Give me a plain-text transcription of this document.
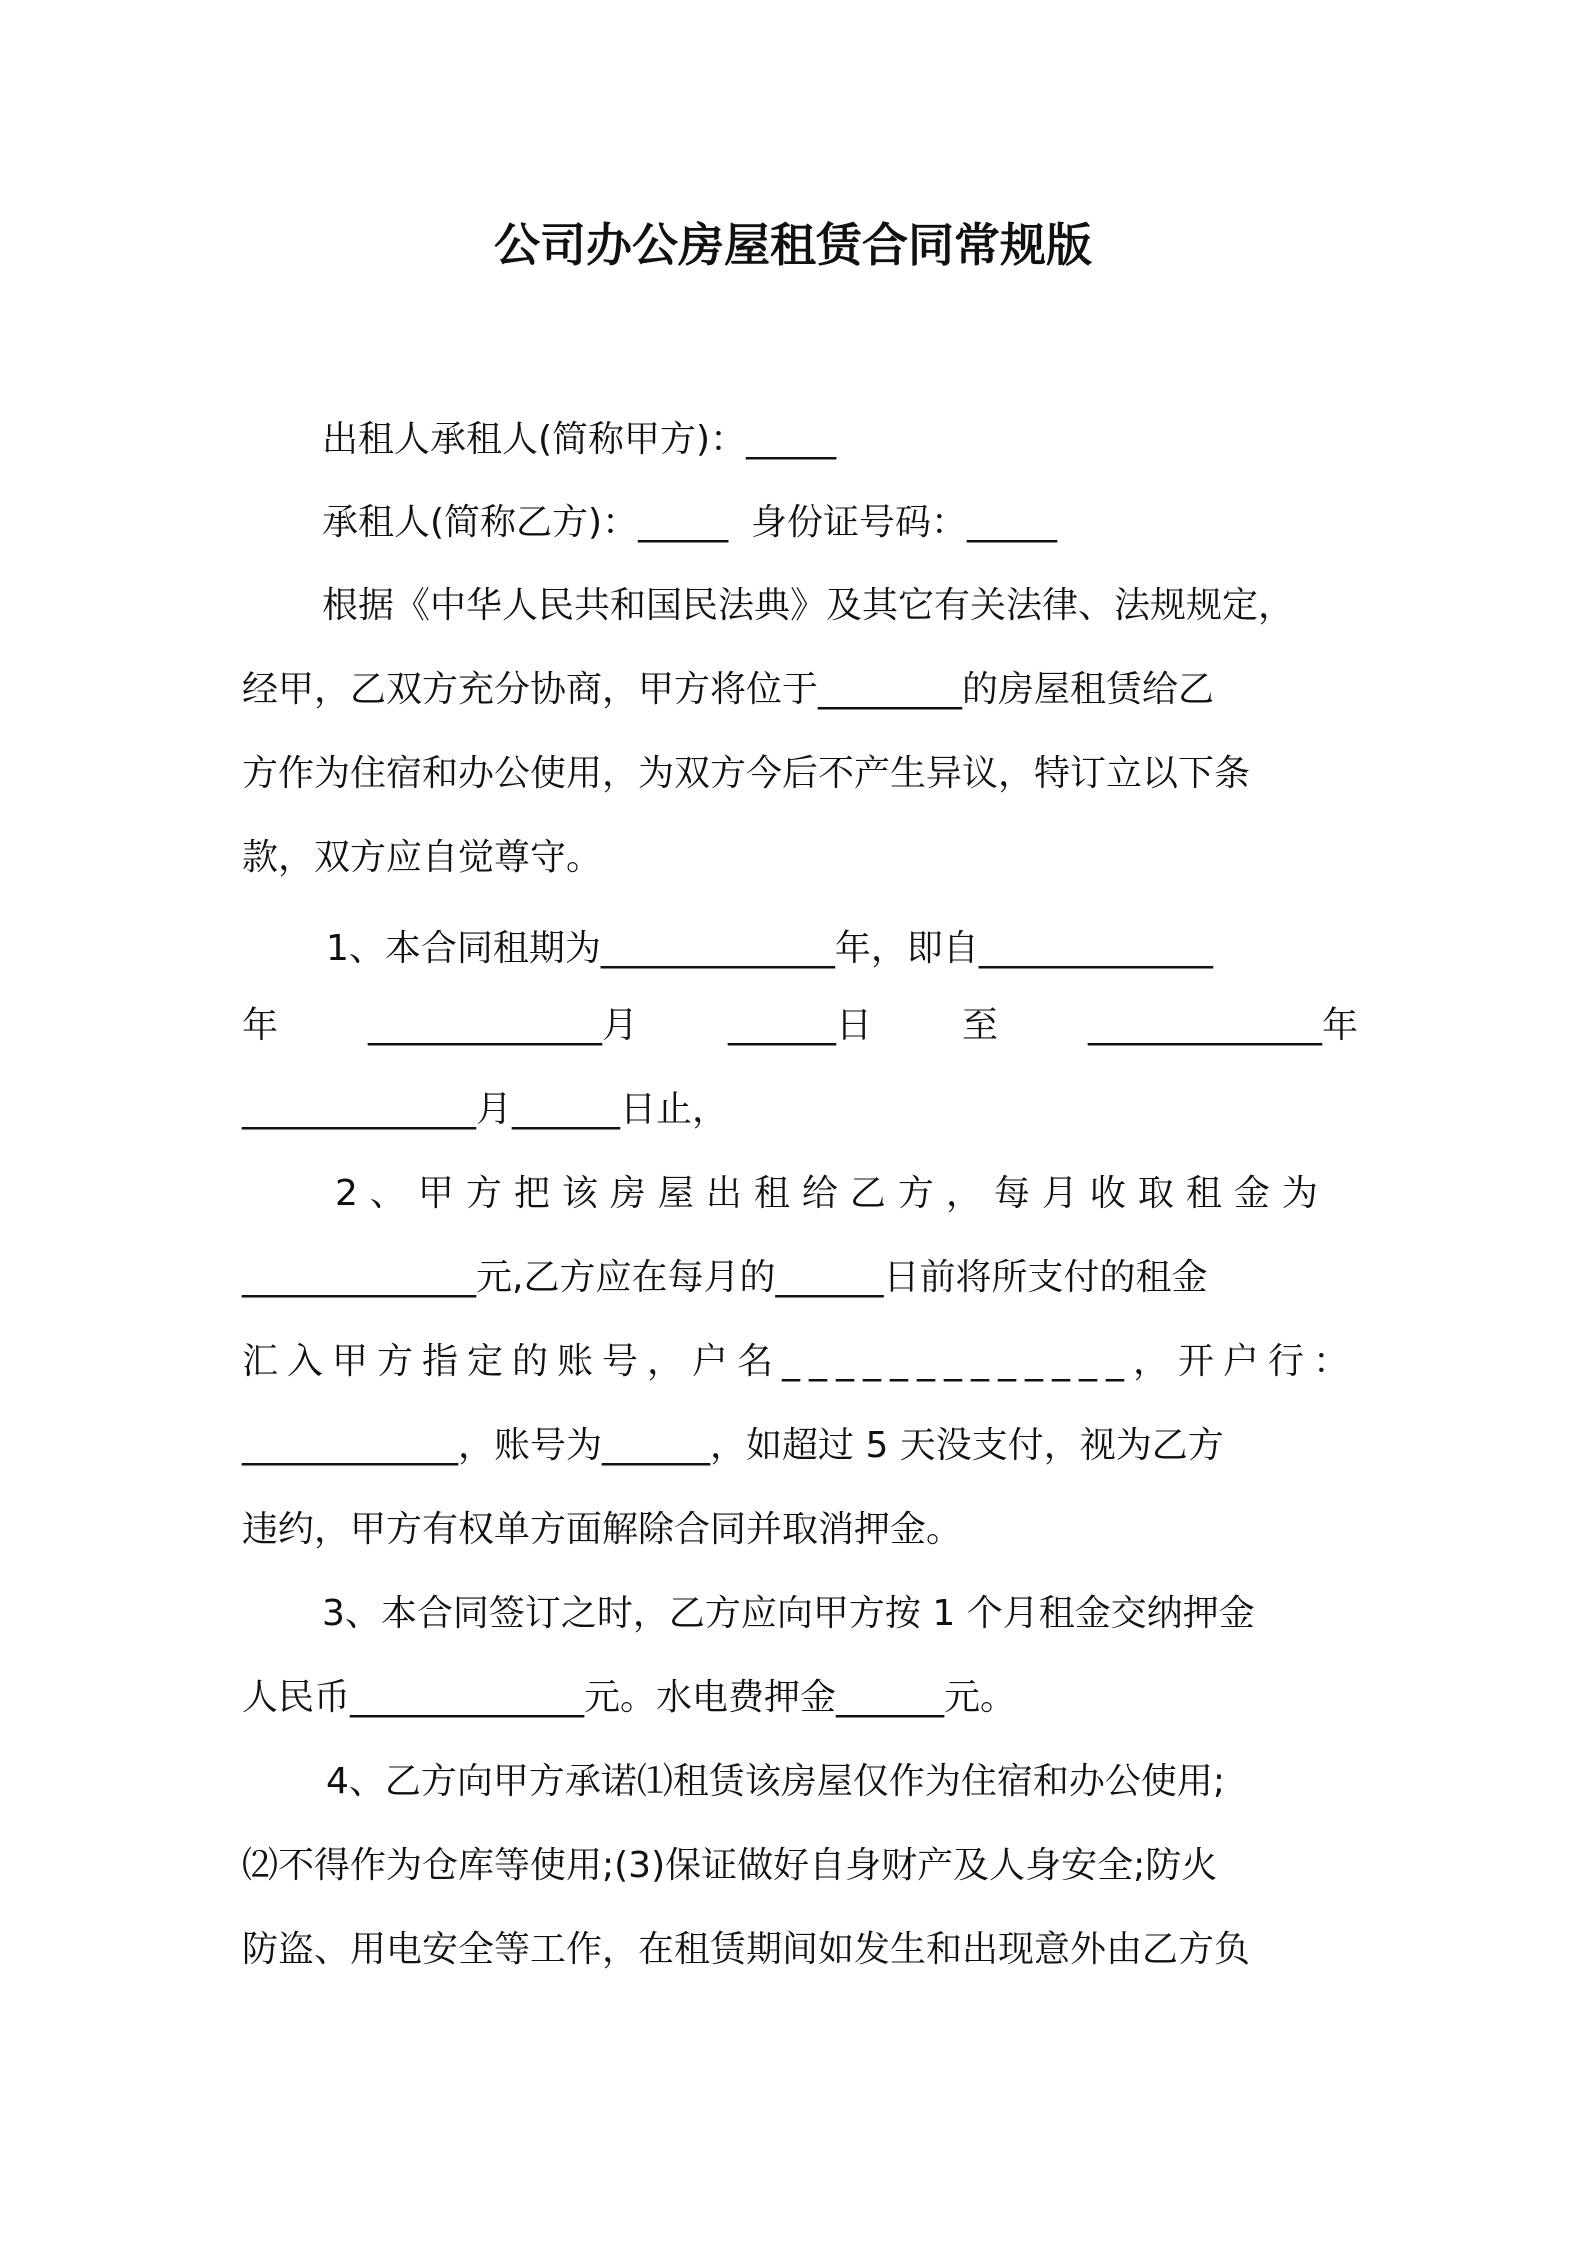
公司办公房屋租赁合同常规版

出租人承租人(简称甲方)：_____

承租人(简称乙方)：_____  身份证号码：_____

根据《中华人民共和国民法典》及其它有关法律、法规规定，

经甲，乙双方充分协商，甲方将位于________的房屋租赁给乙

方作为住宿和办公使用，为双方今后不产生异议，特订立以下条

款，双方应自觉尊守。

1、本合同租期为_____________年，即自_____________

年 _____________月 ______日 至 _____________年

_____________月______日止，

2、甲方把该房屋出租给乙方，每月收取租金为

_____________元,乙方应在每月的______日前将所支付的租金

汇入甲方指定的账号，户名_____________，开户行：

____________，账号为______，如超过 5 天没支付，视为乙方

违约，甲方有权单方面解除合同并取消押金。

3、本合同签订之时，乙方应向甲方按 1 个月租金交纳押金

人民币_____________元。水电费押金______元。

4、乙方向甲方承诺⑴租赁该房屋仅作为住宿和办公使用;

⑵不得作为仓库等使用;(3)保证做好自身财产及人身安全;防火

防盗、用电安全等工作，在租赁期间如发生和出现意外由乙方负
